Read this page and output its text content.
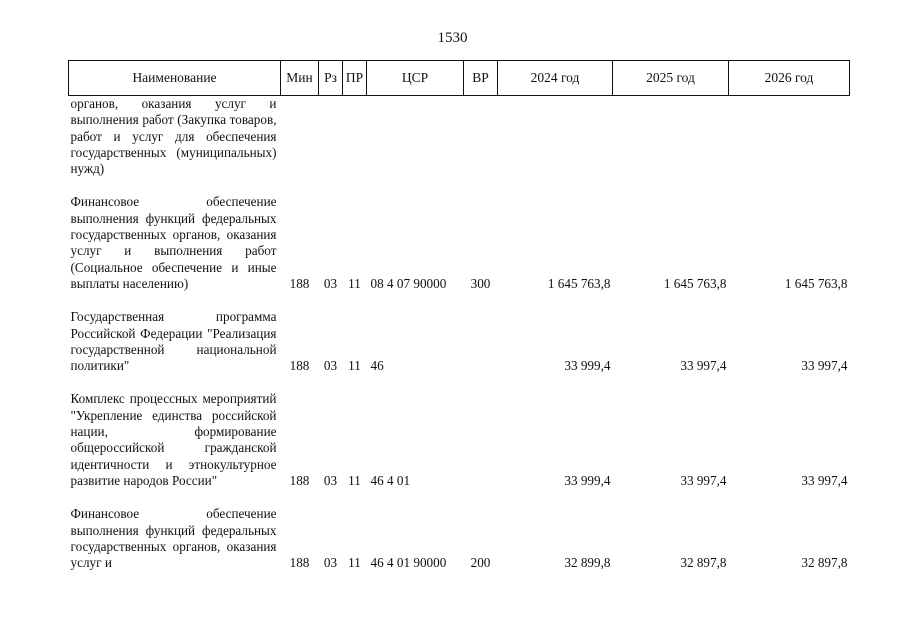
1530
Наименование	Мин	Рз	ПР	ЦСР	ВР	2024 год	2025 год	2026 год
органов, оказания услуг и выполнения работ (Закупка товаров, работ и услуг для обеспечения государственных (муниципальных) нужд)								

Финансовое обеспечение выполнения функций федеральных государственных органов, оказания услуг и выполнения работ (Социальное обеспечение и иные выплаты населению)	188	03	11	08 4 07 90000	300	1 645 763,8	1 645 763,8	1 645 763,8

Государственная программа Российской Федерации "Реализация государственной национальной политики"	188	03	11	46		33 999,4	33 997,4	33 997,4

Комплекс процессных мероприятий "Укрепление единства российской нации, формирование общероссийской гражданской идентичности и этнокультурное развитие народов России"	188	03	11	46 4 01		33 999,4	33 997,4	33 997,4

Финансовое обеспечение выполнения функций федеральных государственных органов, оказания услуг и	188	03	11	46 4 01 90000	200	32 899,8	32 897,8	32 897,8
